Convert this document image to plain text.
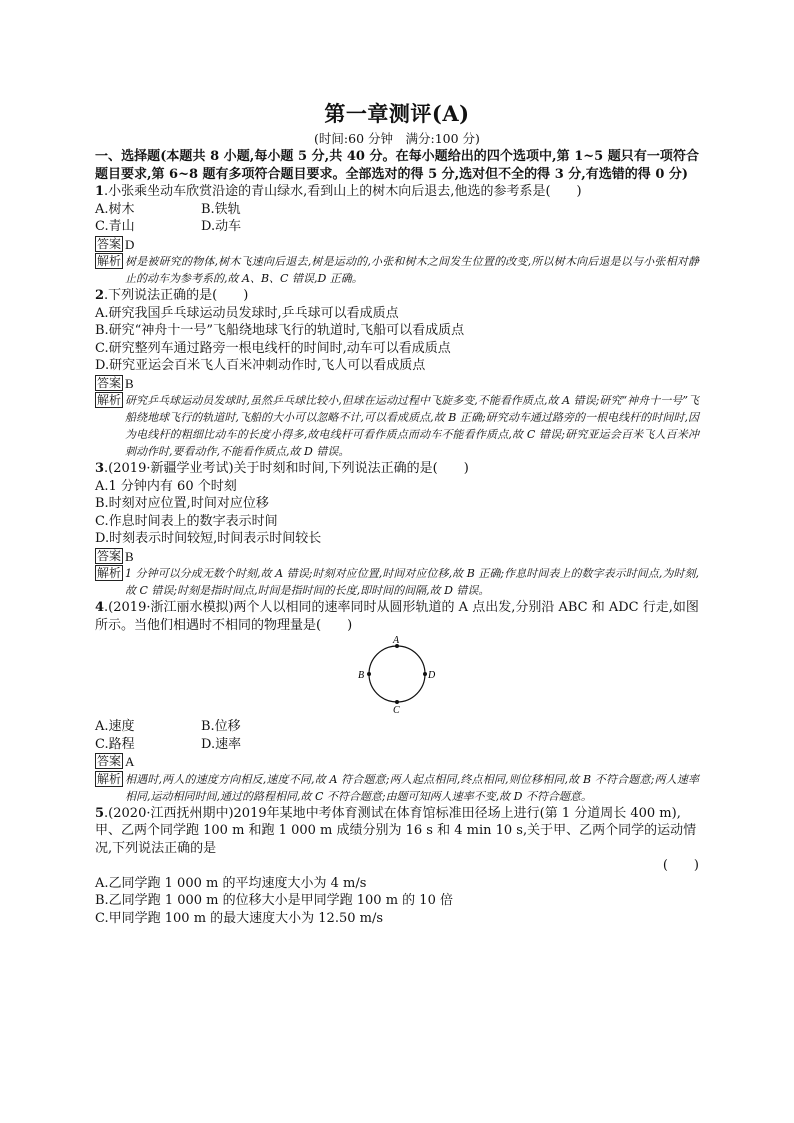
第一章测评(A)
(时间:60 分钟　满分:100 分)
一、选择题(本题共 8 小题,每小题 5 分,共 40 分。在每小题给出的四个选项中,第 1~5 题只有一项符合题目要求,第 6~8 题有多项符合题目要求。全部选对的得 5 分,选对但不全的得 3 分,有选错的得 0 分)
1.小张乘坐动车欣赏沿途的青山绿水,看到山上的树木向后退去,他选的参考系是(　　)
A.树木	B.铁轨
C.青山	D.动车
答案 D
解析 树是被研究的物体,树木飞速向后退去,树是运动的,小张和树木之间发生位置的改变,所以树木向后退是以与小张相对静止的动车为参考系的,故 A、B、C 错误,D 正确。
2.下列说法正确的是(　　)
A.研究我国乒乓球运动员发球时,乒乓球可以看成质点
B.研究“神舟十一号”飞船绕地球飞行的轨道时,飞船可以看成质点
C.研究整列车通过路旁一根电线杆的时间时,动车可以看成质点
D.研究亚运会百米飞人百米冲刺动作时,飞人可以看成质点
答案 B
解析 研究乒乓球运动员发球时,虽然乒乓球比较小,但球在运动过程中飞旋多变,不能看作质点,故 A 错误;研究“神舟十一号”飞船绕地球飞行的轨道时,飞船的大小可以忽略不计,可以看成质点,故 B 正确;研究动车通过路旁的一根电线杆的时间时,因为电线杆的粗细比动车的长度小得多,故电线杆可看作质点而动车不能看作质点,故 C 错误;研究亚运会百米飞人百米冲刺动作时,要看动作,不能看作质点,故 D 错误。
3.(2019·新疆学业考试)关于时刻和时间,下列说法正确的是(　　)
A.1 分钟内有 60 个时刻
B.时刻对应位置,时间对应位移
C.作息时间表上的数字表示时间
D.时刻表示时间较短,时间表示时间较长
答案 B
解析 1 分钟可以分成无数个时刻,故 A 错误;时刻对应位置,时间对应位移,故 B 正确;作息时间表上的数字表示时间点,为时刻,故 C 错误;时刻是指时间点,时间是指时间的长度,即时间的间隔,故 D 错误。
4.(2019·浙江丽水模拟)两个人以相同的速率同时从圆形轨道的 A 点出发,分别沿 ABC 和 ADC 行走,如图所示。当他们相遇时不相同的物理量是(　　)
A
B
C
D
A.速度	B.位移
C.路程	D.速率
答案 A
解析 相遇时,两人的速度方向相反,速度不同,故 A 符合题意;两人起点相同,终点相同,则位移相同,故 B 不符合题意;两人速率相同,运动相同时间,通过的路程相同,故 C 不符合题意;由题可知两人速率不变,故 D 不符合题意。
5.(2020·江西抚州期中)2019年某地中考体育测试在体育馆标准田径场上进行(第 1 分道周长 400 m),甲、乙两个同学跑 100 m 和跑 1 000 m 成绩分别为 16 s 和 4 min 10 s,关于甲、乙两个同学的运动情况,下列说法正确的是
(　　)
A.乙同学跑 1 000 m 的平均速度大小为 4 m/s
B.乙同学跑 1 000 m 的位移大小是甲同学跑 100 m 的 10 倍
C.甲同学跑 100 m 的最大速度大小为 12.50 m/s
